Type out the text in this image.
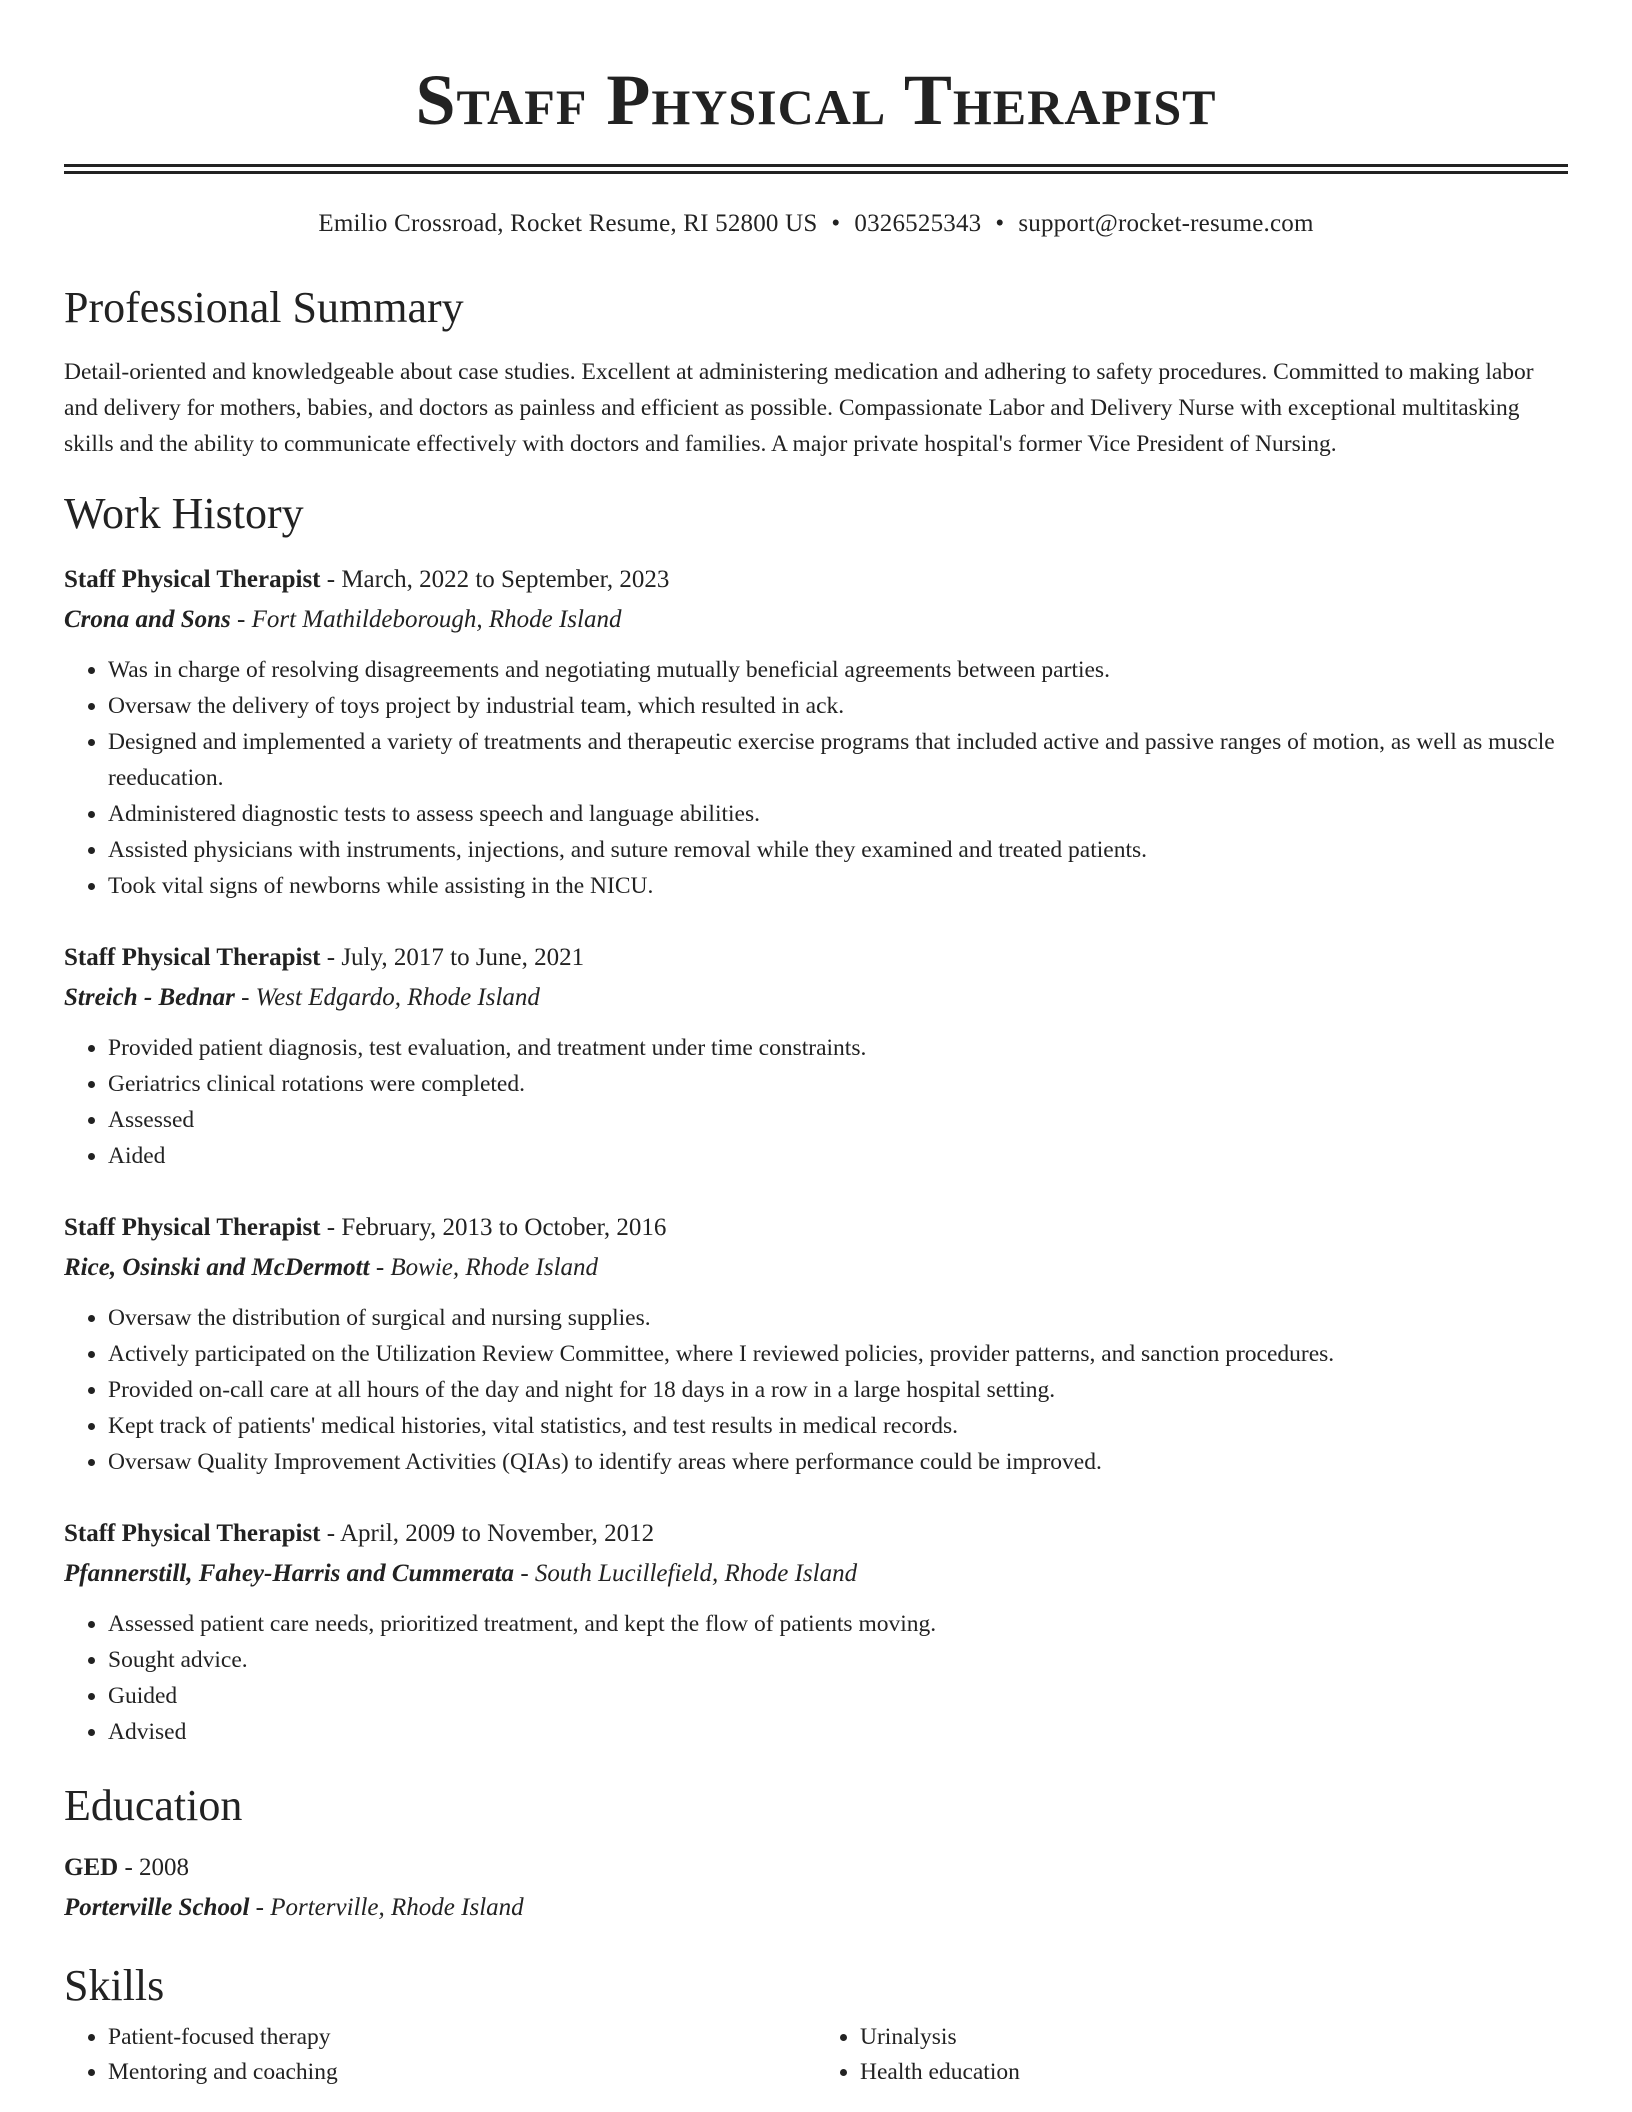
Staff Physical Therapist
Emilio Crossroad, Rocket Resume, RI 52800 US • 0326525343 • support@rocket-resume.com
Professional Summary
Detail-oriented and knowledgeable about case studies. Excellent at administering medication and adhering to safety procedures. Committed to making labor and delivery for mothers, babies, and doctors as painless and efficient as possible. Compassionate Labor and Delivery Nurse with exceptional multitasking skills and the ability to communicate effectively with doctors and families. A major private hospital's former Vice President of Nursing.
Work History
Staff Physical Therapist - March, 2022 to September, 2023
Crona and Sons - Fort Mathildeborough, Rhode Island
• Was in charge of resolving disagreements and negotiating mutually beneficial agreements between parties.
• Oversaw the delivery of toys project by industrial team, which resulted in ack.
• Designed and implemented a variety of treatments and therapeutic exercise programs that included active and passive ranges of motion, as well as muscle reeducation.
• Administered diagnostic tests to assess speech and language abilities.
• Assisted physicians with instruments, injections, and suture removal while they examined and treated patients.
• Took vital signs of newborns while assisting in the NICU.
Staff Physical Therapist - July, 2017 to June, 2021
Streich - Bednar - West Edgardo, Rhode Island
• Provided patient diagnosis, test evaluation, and treatment under time constraints.
• Geriatrics clinical rotations were completed.
• Assessed
• Aided
Staff Physical Therapist - February, 2013 to October, 2016
Rice, Osinski and McDermott - Bowie, Rhode Island
• Oversaw the distribution of surgical and nursing supplies.
• Actively participated on the Utilization Review Committee, where I reviewed policies, provider patterns, and sanction procedures.
• Provided on-call care at all hours of the day and night for 18 days in a row in a large hospital setting.
• Kept track of patients' medical histories, vital statistics, and test results in medical records.
• Oversaw Quality Improvement Activities (QIAs) to identify areas where performance could be improved.
Staff Physical Therapist - April, 2009 to November, 2012
Pfannerstill, Fahey-Harris and Cummerata - South Lucillefield, Rhode Island
• Assessed patient care needs, prioritized treatment, and kept the flow of patients moving.
• Sought advice.
• Guided
• Advised
Education
GED - 2008
Porterville School - Porterville, Rhode Island
Skills
• Patient-focused therapy
• Mentoring and coaching
• Urinalysis
• Health education
